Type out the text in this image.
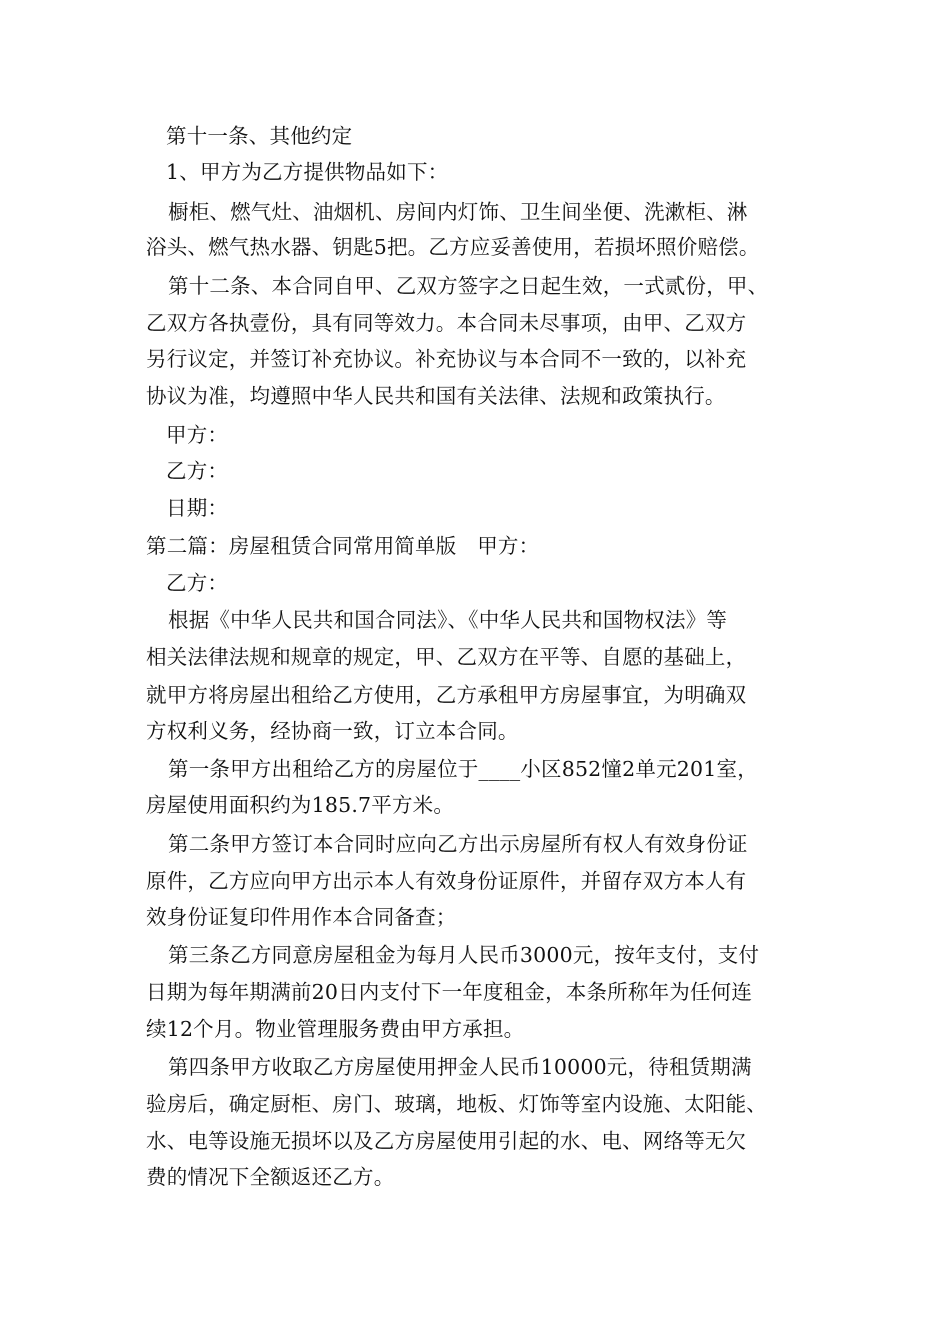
第十一条、其他约定
1、甲方为乙方提供物品如下：
橱柜、燃气灶、油烟机、房间内灯饰、卫生间坐便、洗漱柜、淋
浴头、燃气热水器、钥匙5把。乙方应妥善使用，若损坏照价赔偿。
第十二条、本合同自甲、乙双方签字之日起生效，一式贰份，甲、
乙双方各执壹份，具有同等效力。本合同未尽事项，由甲、乙双方
另行议定，并签订补充协议。补充协议与本合同不一致的，以补充
协议为准，均遵照中华人民共和国有关法律、法规和政策执行。
甲方：
乙方：
日期：
第二篇：房屋租赁合同常用简单版　甲方：
乙方：
根据《中华人民共和国合同法》、《中华人民共和国物权法》等
相关法律法规和规章的规定，甲、乙双方在平等、自愿的基础上，
就甲方将房屋出租给乙方使用，乙方承租甲方房屋事宜，为明确双
方权利义务，经协商一致，订立本合同。
第一条甲方出租给乙方的房屋位于____小区852憧2单元201室，
房屋使用面积约为185.7平方米。
第二条甲方签订本合同时应向乙方出示房屋所有权人有效身份证
原件，乙方应向甲方出示本人有效身份证原件，并留存双方本人有
效身份证复印件用作本合同备查；
第三条乙方同意房屋租金为每月人民币3000元，按年支付，支付
日期为每年期满前20日内支付下一年度租金，本条所称年为任何连
续12个月。物业管理服务费由甲方承担。
第四条甲方收取乙方房屋使用押金人民币10000元，待租赁期满
验房后，确定厨柜、房门、玻璃，地板、灯饰等室内设施、太阳能、
水、电等设施无损坏以及乙方房屋使用引起的水、电、网络等无欠
费的情况下全额返还乙方。
